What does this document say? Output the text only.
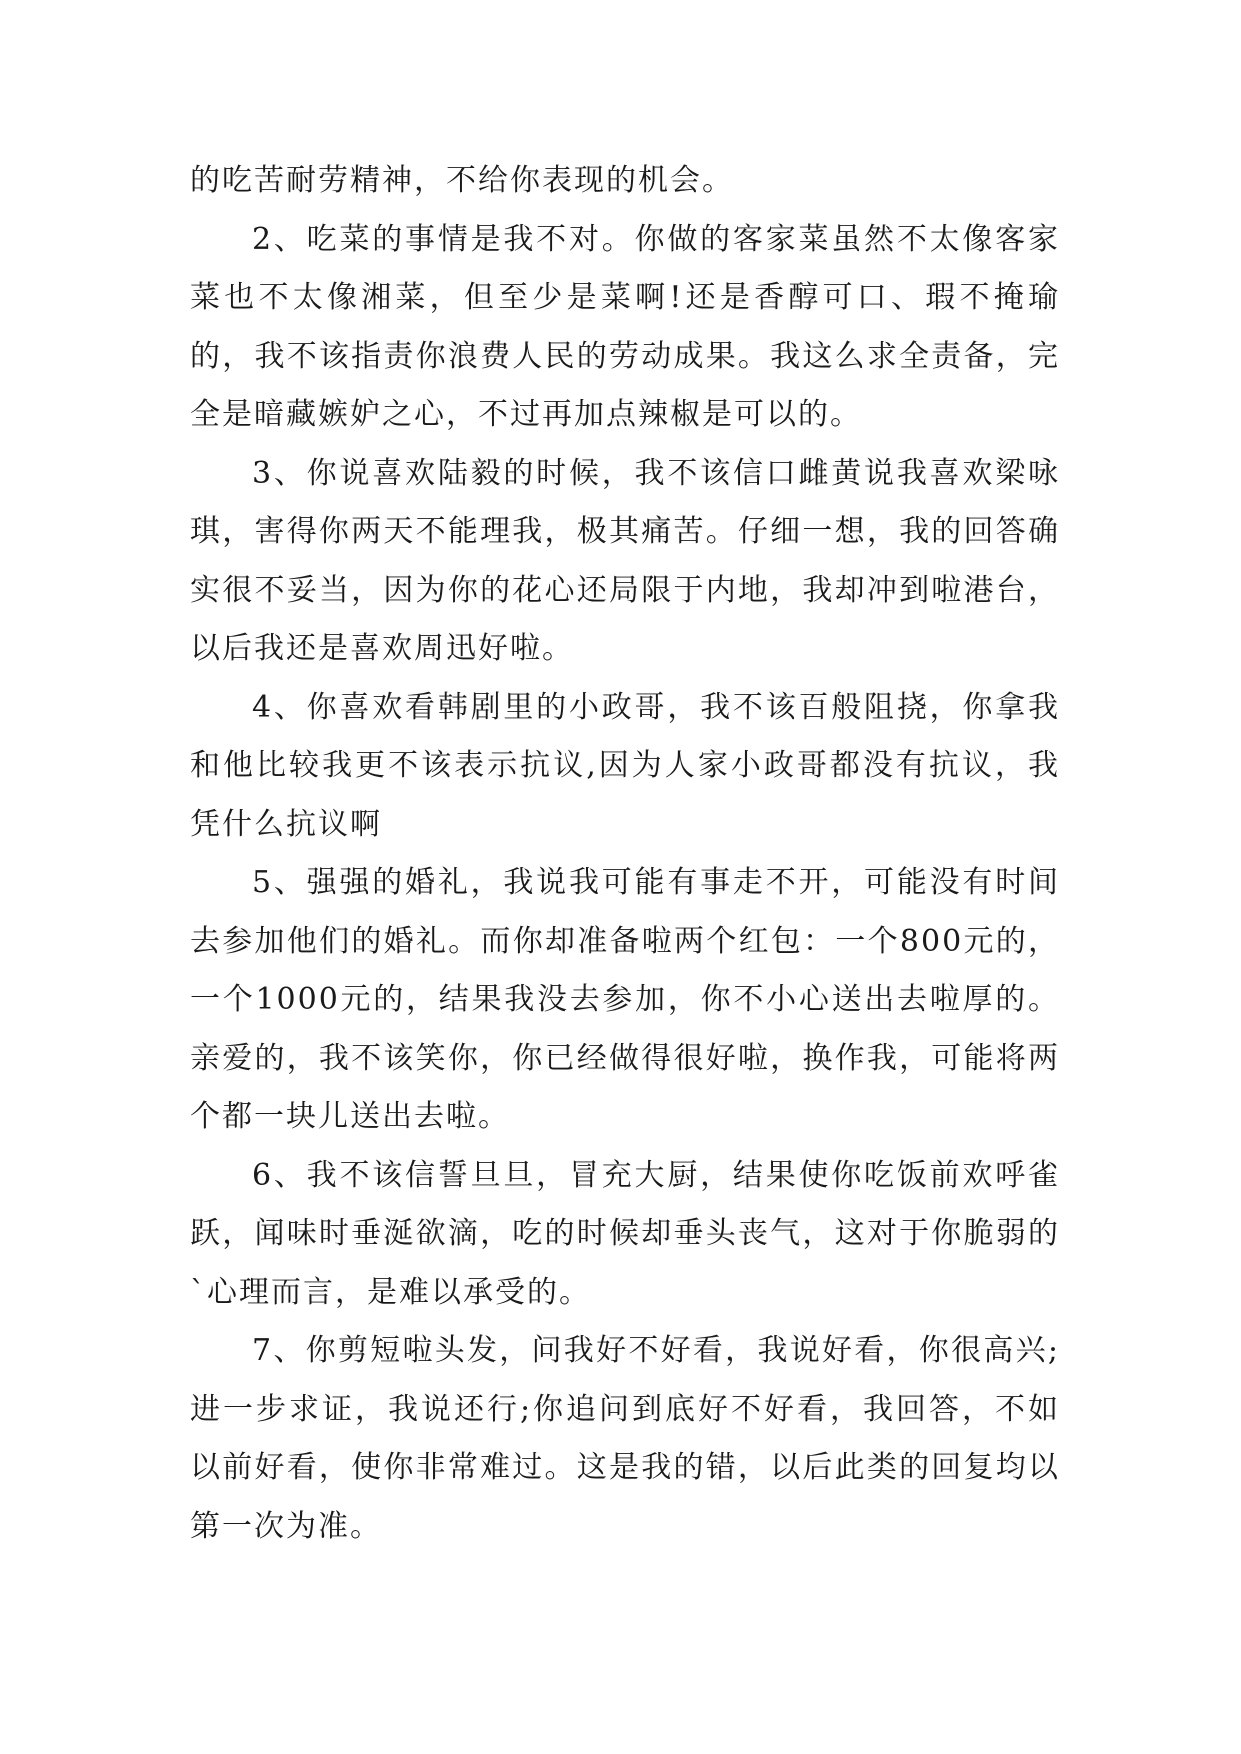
的吃苦耐劳精神，不给你表现的机会。

2、吃菜的事情是我不对。你做的客家菜虽然不太像客家菜也不太像湘菜，但至少是菜啊!还是香醇可口、瑕不掩瑜的，我不该指责你浪费人民的劳动成果。我这么求全责备，完全是暗藏嫉妒之心，不过再加点辣椒是可以的。

3、你说喜欢陆毅的时候，我不该信口雌黄说我喜欢梁咏琪，害得你两天不能理我，极其痛苦。仔细一想，我的回答确实很不妥当，因为你的花心还局限于内地，我却冲到啦港台，以后我还是喜欢周迅好啦。

4、你喜欢看韩剧里的小政哥，我不该百般阻挠，你拿我和他比较我更不该表示抗议,因为人家小政哥都没有抗议，我凭什么抗议啊

5、强强的婚礼，我说我可能有事走不开，可能没有时间去参加他们的婚礼。而你却准备啦两个红包：一个800元的，一个1000元的，结果我没去参加，你不小心送出去啦厚的。亲爱的，我不该笑你，你已经做得很好啦，换作我，可能将两个都一块儿送出去啦。

6、我不该信誓旦旦，冒充大厨，结果使你吃饭前欢呼雀跃，闻味时垂涎欲滴，吃的时候却垂头丧气，这对于你脆弱的`心理而言，是难以承受的。

7、你剪短啦头发，问我好不好看，我说好看，你很高兴;进一步求证，我说还行;你追问到底好不好看，我回答，不如以前好看，使你非常难过。这是我的错，以后此类的回复均以第一次为准。
